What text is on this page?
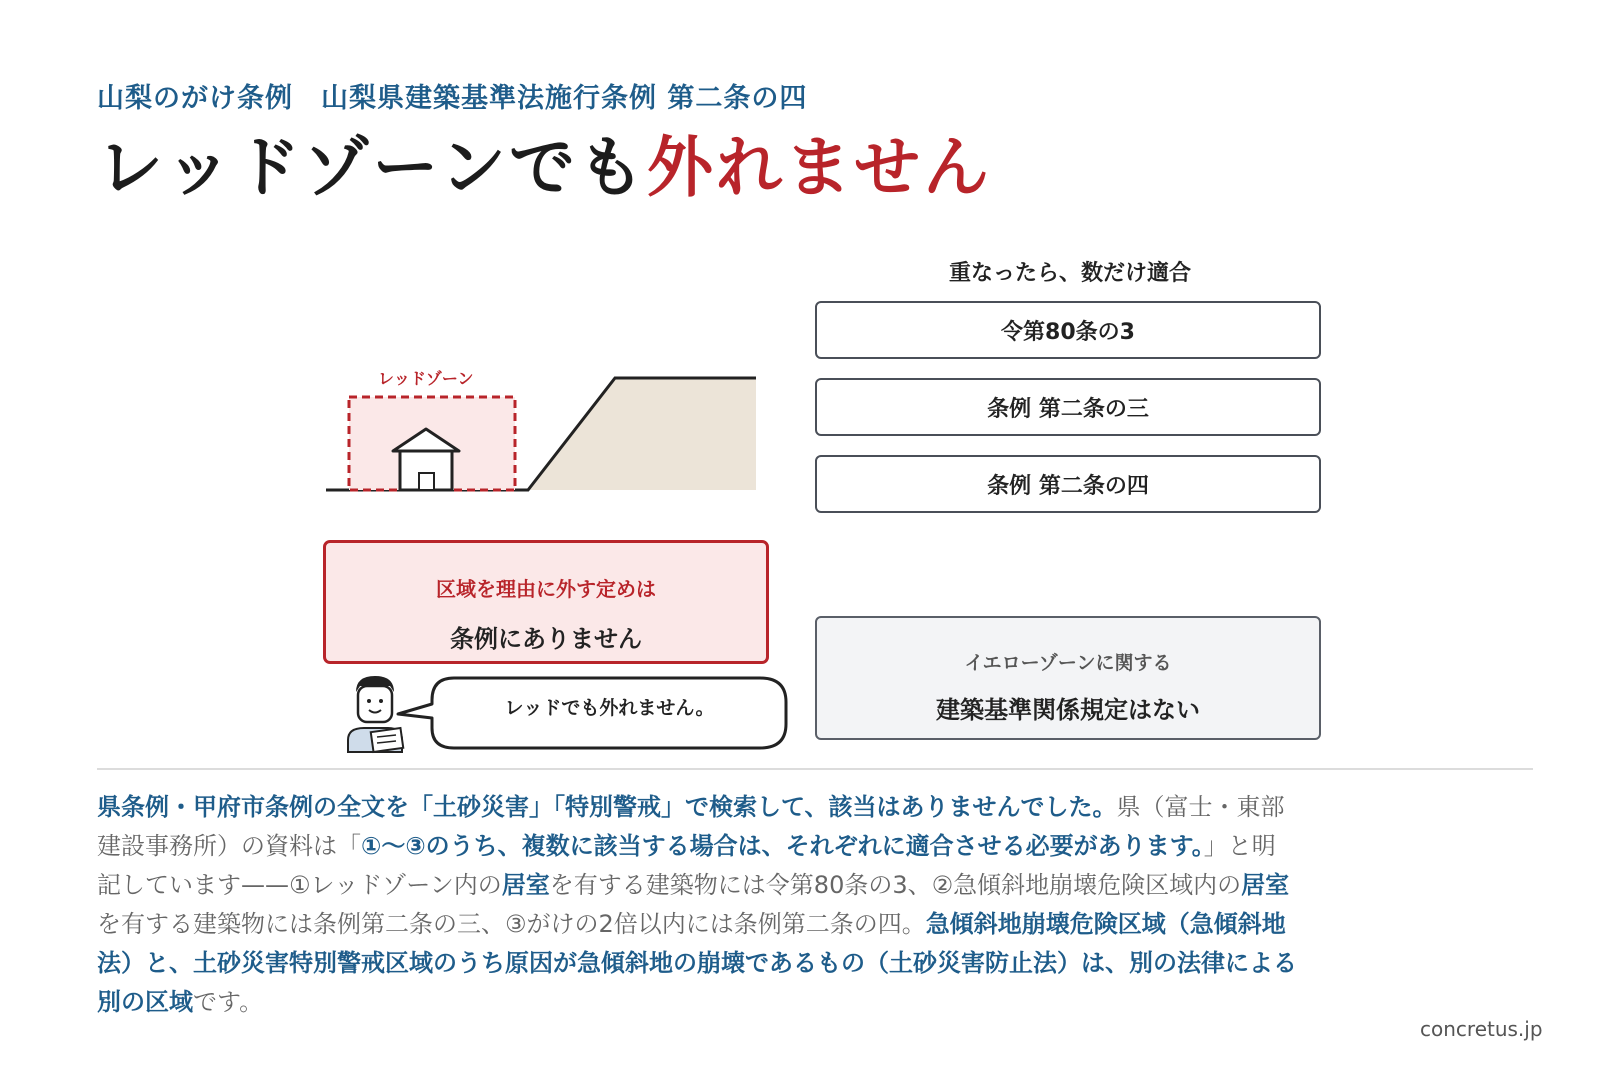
山梨のがけ条例　山梨県建築基準法施行条例 第二条の四
レッドゾーンでも外れません
レッドゾーン
重なったら、数だけ適合
令第80条の3
条例 第二条の三
条例 第二条の四
区域を理由に外す定めは
条例にありません
レッドでも外れません。
イエローゾーンに関する
建築基準関係規定はない
県条例・甲府市条例の全文を「土砂災害」「特別警戒」で検索して、該当はありませんでした。県（富士・東部建設事務所）の資料は「①〜③のうち、複数に該当する場合は、それぞれに適合させる必要があります。」と明記しています——①レッドゾーン内の居室を有する建築物には令第80条の3、②急傾斜地崩壊危険区域内の居室を有する建築物には条例第二条の三、③がけの2倍以内には条例第二条の四。急傾斜地崩壊危険区域（急傾斜地法）と、土砂災害特別警戒区域のうち原因が急傾斜地の崩壊であるもの（土砂災害防止法）は、別の法律による別の区域です。
concretus.jp
